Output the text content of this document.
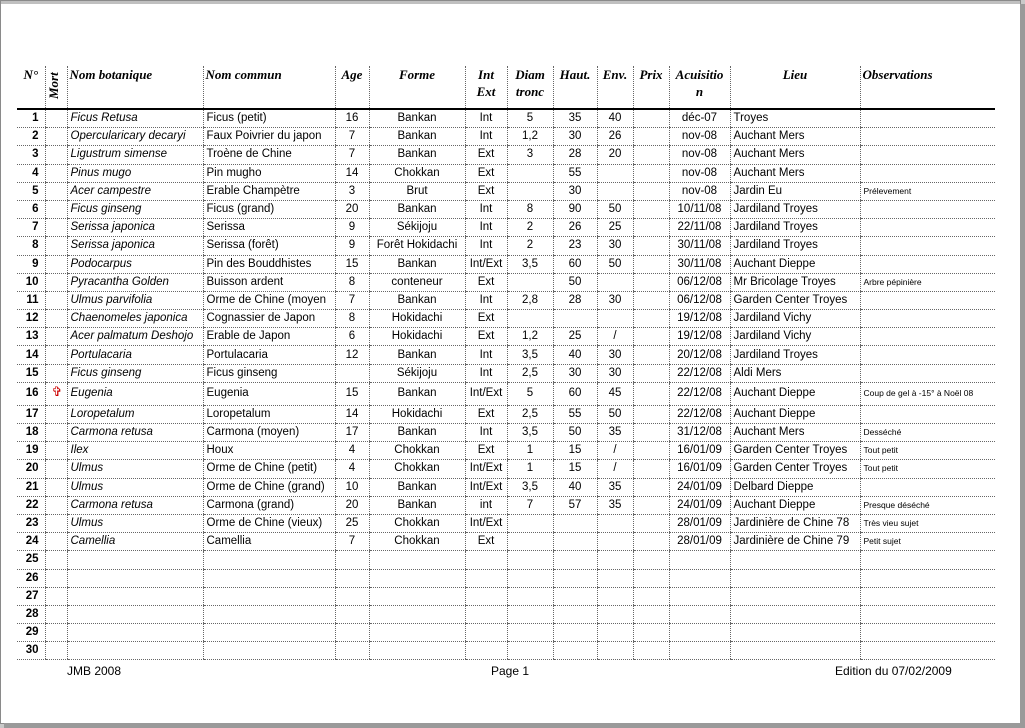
N°	Mort	Nom botanique	Nom commun	Age	Forme	Int Ext	Diam tronc	Haut.	Env.	Prix	Acuisitio n	Lieu	Observations
1		Ficus Retusa	Ficus (petit)	16	Bankan	Int	5	35	40		déc-07	Troyes	
2		Opercularicary decaryi	Faux Poivrier du japon	7	Bankan	Int	1,2	30	26		nov-08	Auchant Mers	
3		Ligustrum simense	Troène de Chine	7	Bankan	Ext	3	28	20		nov-08	Auchant Mers	
4		Pinus mugo	Pin mugho	14	Chokkan	Ext		55			nov-08	Auchant Mers	
5		Acer campestre	Erable Champètre	3	Brut	Ext		30			nov-08	Jardin Eu	Prélevement
6		Ficus ginseng	Ficus (grand)	20	Bankan	Int	8	90	50		10/11/08	Jardiland Troyes	
7		Serissa japonica	Serissa	9	Sékijoju	Int	2	26	25		22/11/08	Jardiland Troyes	
8		Serissa japonica	Serissa (forêt)	9	Forêt Hokidachi	Int	2	23	30		30/11/08	Jardiland Troyes	
9		Podocarpus	Pin des Bouddhistes	15	Bankan	Int/Ext	3,5	60	50		30/11/08	Auchant Dieppe	
10		Pyracantha Golden	Buisson ardent	8	conteneur	Ext		50			06/12/08	Mr Bricolage Troyes	Arbre pépinière
11		Ulmus parvifolia	Orme de Chine (moyen	7	Bankan	Int	2,8	28	30		06/12/08	Garden Center Troyes	
12		Chaenomeles japonica	Cognassier de Japon	8	Hokidachi	Ext					19/12/08	Jardiland Vichy	
13		Acer palmatum Deshojo	Erable de Japon	6	Hokidachi	Ext	1,2	25	/		19/12/08	Jardiland Vichy	
14		Portulacaria	Portulacaria	12	Bankan	Int	3,5	40	30		20/12/08	Jardiland Troyes	
15		Ficus ginseng	Ficus ginseng		Sékijoju	Int	2,5	30	30		22/12/08	Aldi Mers	
16	✞	Eugenia	Eugenia	15	Bankan	Int/Ext	5	60	45		22/12/08	Auchant Dieppe	Coup de gel à -15° à Noël 08
17		Loropetalum	Loropetalum	14	Hokidachi	Ext	2,5	55	50		22/12/08	Auchant Dieppe	
18		Carmona retusa	Carmona (moyen)	17	Bankan	Int	3,5	50	35		31/12/08	Auchant Mers	Desséché
19		Ilex	Houx	4	Chokkan	Ext	1	15	/		16/01/09	Garden Center Troyes	Tout petit
20		Ulmus	Orme de Chine (petit)	4	Chokkan	Int/Ext	1	15	/		16/01/09	Garden Center Troyes	Tout petit
21		Ulmus	Orme de Chine (grand)	10	Bankan	Int/Ext	3,5	40	35		24/01/09	Delbard Dieppe	
22		Carmona retusa	Carmona (grand)	20	Bankan	int	7	57	35		24/01/09	Auchant Dieppe	Presque déséché
23		Ulmus	Orme de Chine (vieux)	25	Chokkan	Int/Ext					28/01/09	Jardinière de Chine 78	Très vieu sujet
24		Camellia	Camellia	7	Chokkan	Ext					28/01/09	Jardinière de Chine 79	Petit sujet
25													
26													
27													
28													
29													
30													
JMB 2008	Page 1	Edition du 07/02/2009
